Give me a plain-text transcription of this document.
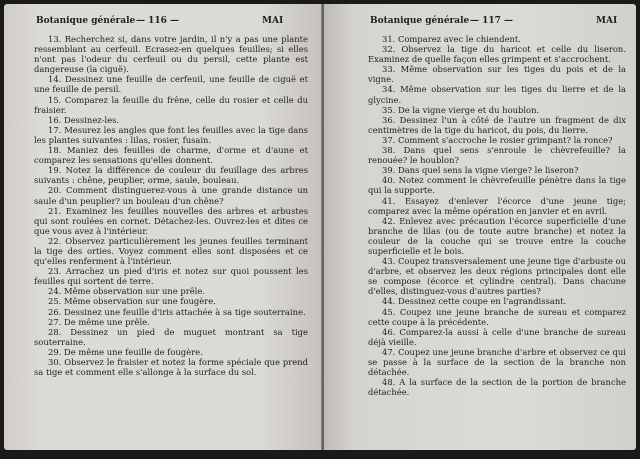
Botanique générale — 116 —	MAI

13. Recherchez si, dans votre jardin, il n'y a pas une plante ressemblant au cerfeuil. Ecrasez-en quelques feuilles; si elles n'ont pas l'odeur du cerfeuil ou du persil, cette plante est dangereuse (la ciguë).

14. Dessinez une feuille de cerfeuil, une feuille de ciguë et une feuille de persil.

15. Comparez la feuille du frêne, celle du rosier et celle du fraisier.

16. Dessinez-les.

17. Mesurez les angles que font les feuilles avec la tige dans les plantes suivantes : lilas, rosier, fusain.

18. Maniez des feuilles de charme, d'orme et d'aune et comparez les sensations qu'elles donnent.

19. Notez la différence de couleur du feuillage des arbres suivants : chêne, peuplier, orme, saule, bouleau.

20. Comment distinguerez-vous à une grande distance un saule d'un peuplier? un bouleau d'un chêne?

21. Examinez les feuilles nouvelles des arbres et arbustes qui sont roulées en cornet. Détachez-les. Ouvrez-les et dites ce que vous avez à l'intérieur.

22. Observez particulièrement les jeunes feuilles terminant la tige des orties. Voyez comment elles sont disposées et ce qu'elles renferment à l'intérieur.

23. Arrachez un pied d'iris et notez sur quoi poussent les feuilles qui sortent de terre.

24. Même observation sur une prêle.

25. Même observation sur une fougère.

26. Dessinez une feuille d'iris attachée à sa tige souterraine.

27. De même une prêle.

28. Dessinez un pied de muguet montrant sa tige souterraine.

29. De même une feuille de fougère.

30. Observez le fraisier et notez la forme spéciale que prend sa tige et comment elle s'allonge à la surface du sol.

Botanique générale — 117 —	MAI

31. Comparez avec le chiendent.

32. Observez la tige du haricot et celle du liseron. Examinez de quelle façon elles grimpent et s'accrochent.

33. Même observation sur les tiges du pois et de la vigne.

34. Même observation sur les tiges du lierre et de la glycine.

35. De la vigne vierge et du houblon.

36. Dessinez l'un à côté de l'autre un fragment de dix centimètres de la tige du haricot, du pois, du lierre.

37. Comment s'accroche le rosier grimpant? la ronce?

38. Dans quel sens s'enroule le chèvrefeuille? la renouée? le houblon?

39. Dans quel sens la vigne vierge? le liseron?

40. Notez comment le chèvrefeuille pénètre dans la tige qui la supporte.

41. Essayez d'enlever l'écorce d'une jeune tige; comparez avec la même opération en janvier et en avril.

42. Enlevez avec précaution l'écorce superficielle d'une branche de lilas (ou de toute autre branche) et notez la couleur de la couche qui se trouve entre la couche superficielle et le bois.

43. Coupez transversalement une jeune tige d'arbuste ou d'arbre, et observez les deux régions principales dont elle se compose (écorce et cylindre central). Dans chacune d'elles, distinguez-vous d'autres parties?

44. Dessinez cette coupe en l'agrandissant.

45. Coupez une jeune branche de sureau et comparez cette coupe à la précédente.

46. Comparez-la aussi à celle d'une branche de sureau déjà vieille.

47. Coupez une jeune branche d'arbre et observez ce qui se passe à la surface de la section de la branche non détachée.

48. A la surface de la section de la portion de branche détachée.
